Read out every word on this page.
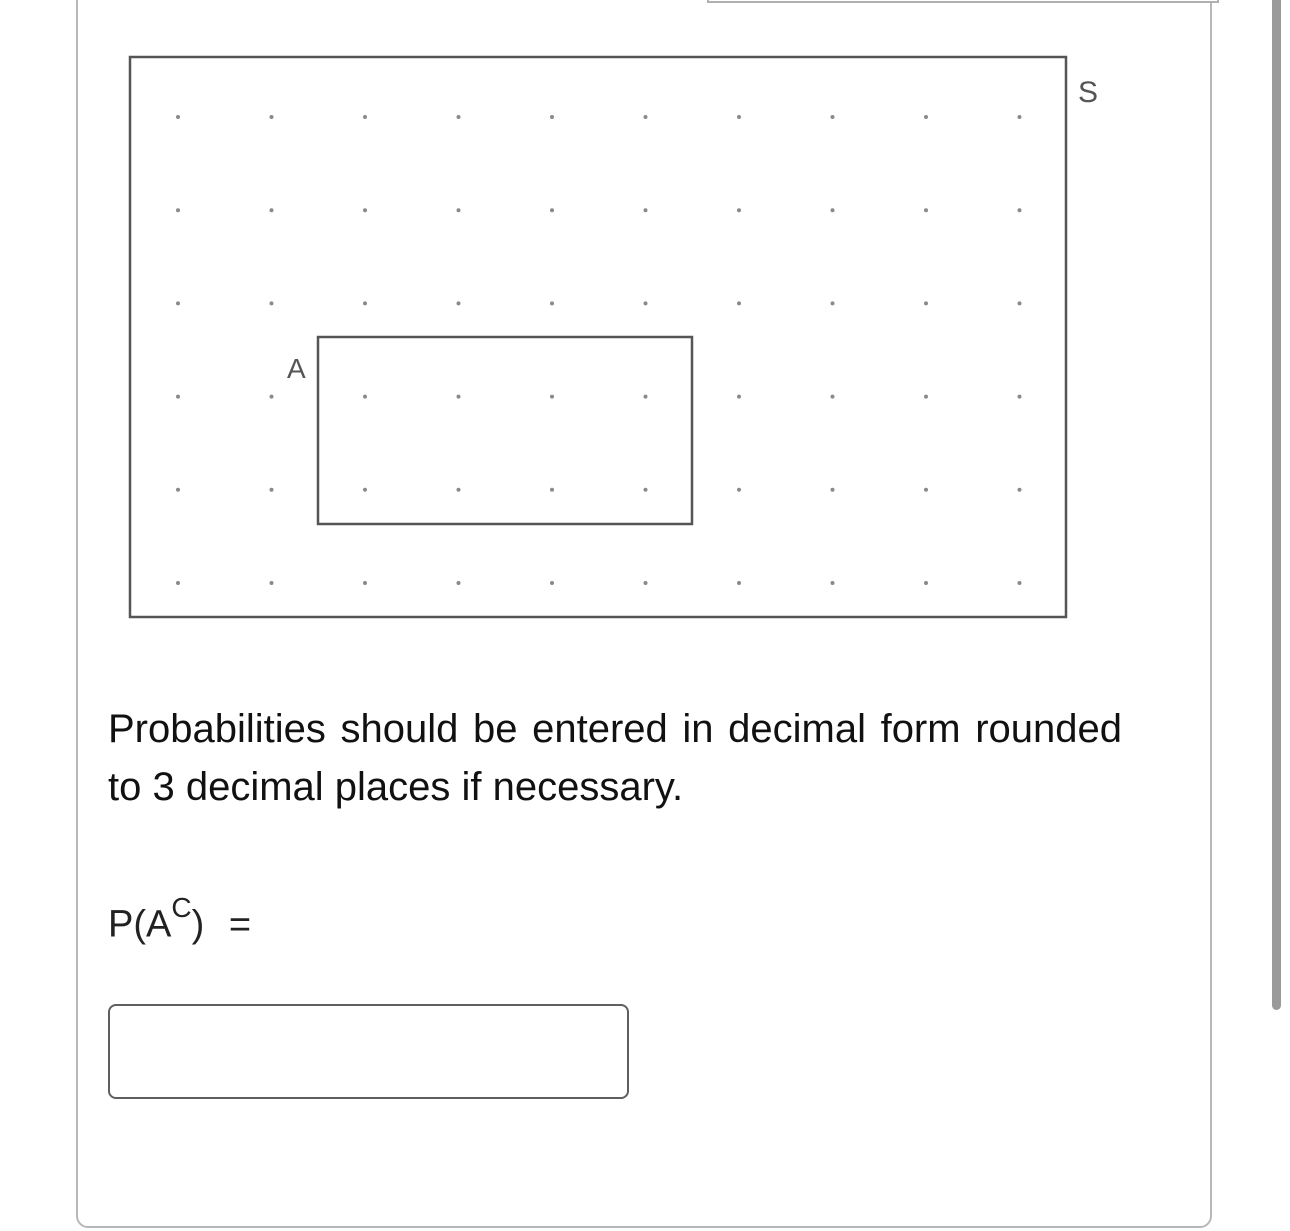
S
A

Probabilities should be entered in decimal form rounded to 3 decimal places if necessary.

$P(A^C)$ =
